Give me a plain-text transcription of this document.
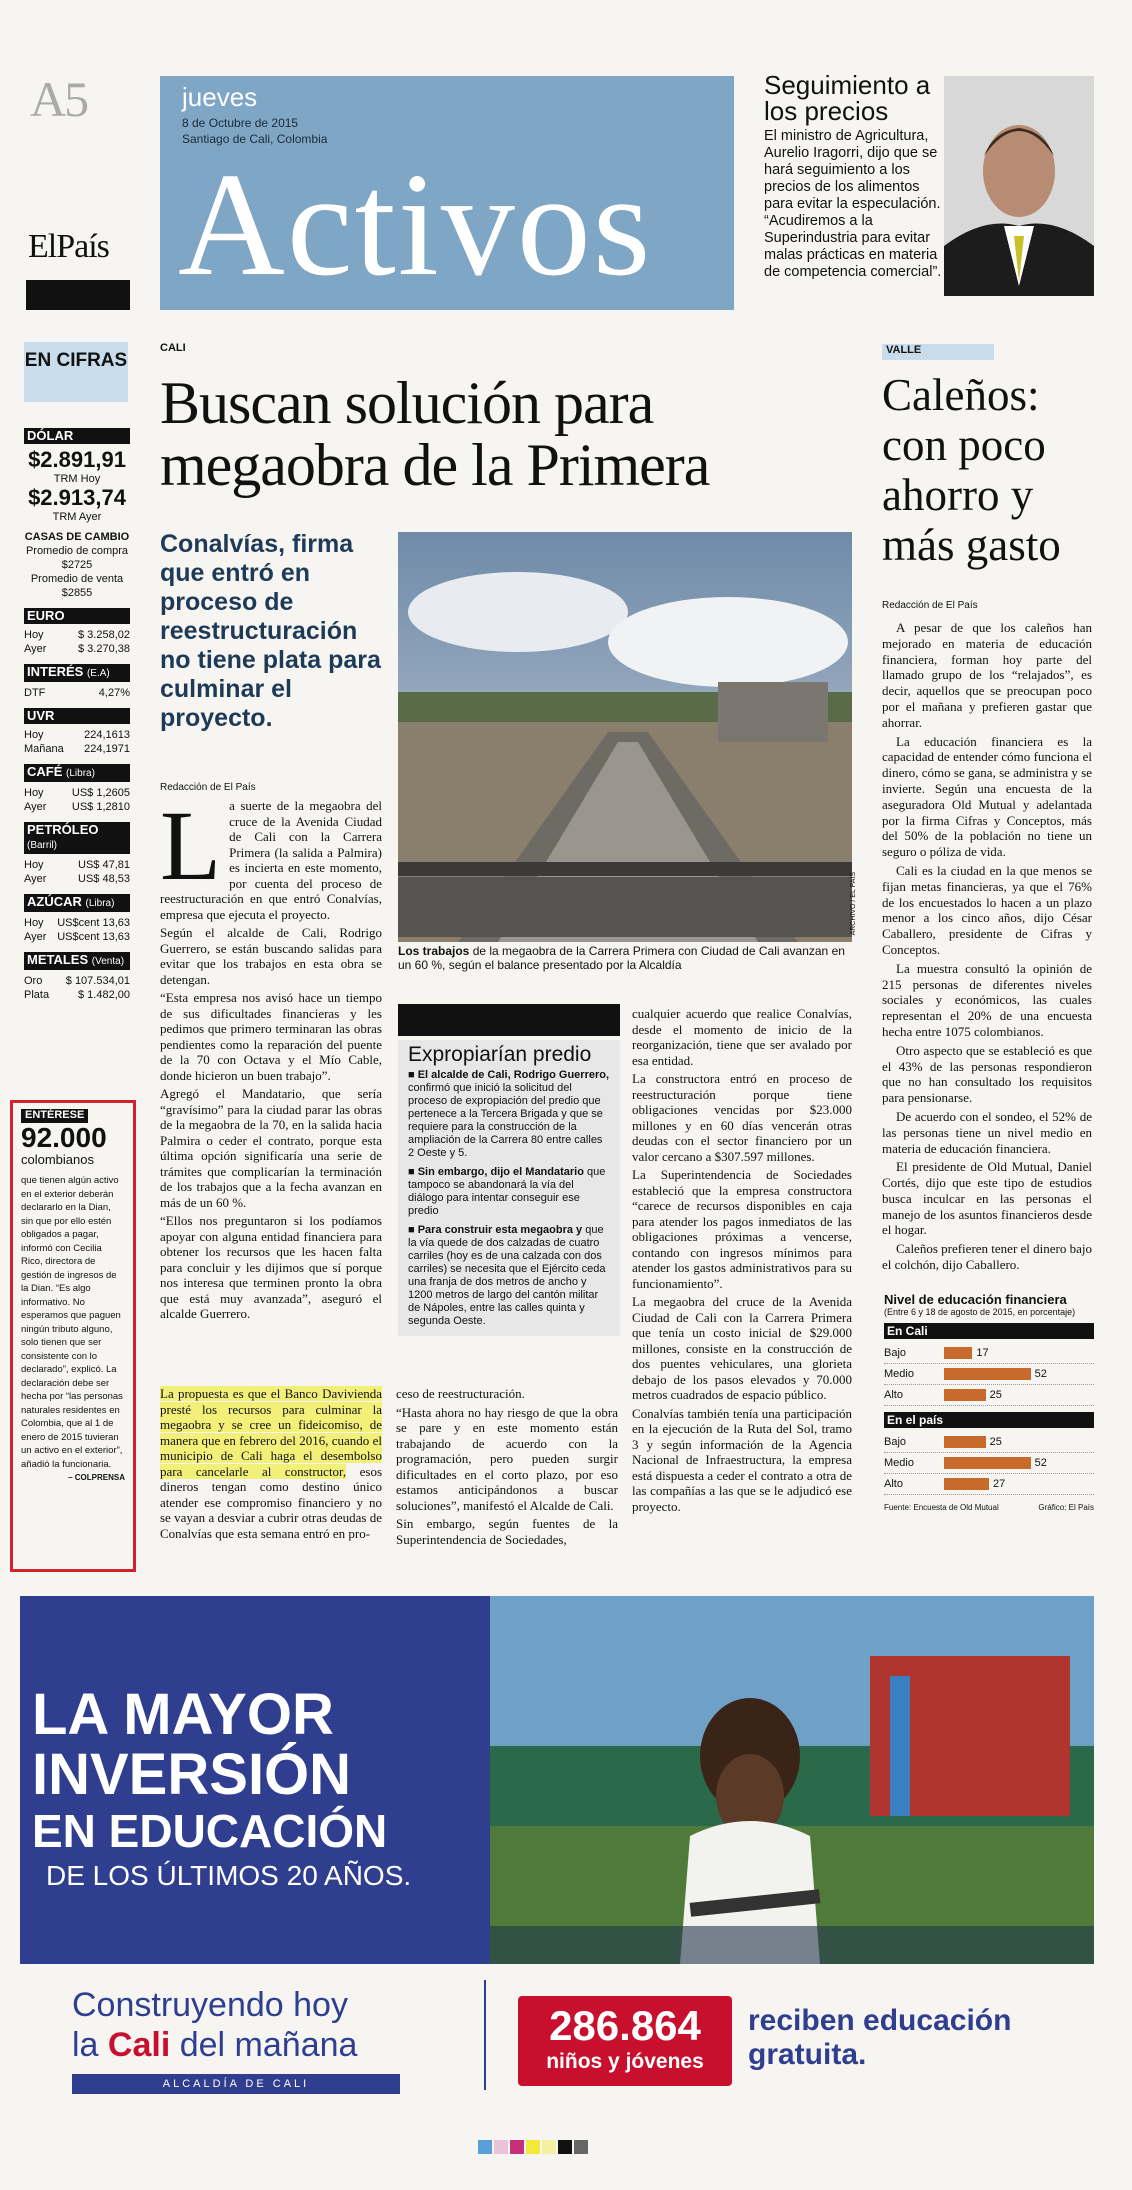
A5
ElPaís
jueves
8 de Octubre de 2015
Santiago de Cali, Colombia
Activos
Seguimiento a los precios
El ministro de Agricultura, Aurelio Iragorri, dijo que se hará seguimiento a los precios de los alimentos para evitar la especulación. “Acudiremos a la Superindustria para evitar malas prácticas en materia de competencia comercial”.
EN CIFRAS
DÓLAR
$2.891,91
TRM Hoy
$2.913,74
TRM Ayer
CASAS DE CAMBIO
Promedio de compra
$2725
Promedio de venta
$2855
EURO
Hoy	$ 3.258,02
Ayer	$ 3.270,38
INTERÉS (E.A)
DTF	4,27%
UVR
Hoy	224,1613
Mañana 224,1971
CAFÉ (Libra)
Hoy	US$ 1,2605
Ayer US$ 1,2810
PETRÓLEO (Barril)
Hoy	US$ 47,81
Ayer	US$ 48,53
AZÚCAR (Libra)
Hoy US$cent 13,63
Ayer US$cent 13,63
METALES (Venta)
Oro $ 107.534,01
Plata	$ 1.482,00
ENTÉRESE
92.000
colombianos
que tienen algún activo en el exterior deberán declararlo en la Dian, sin que por ello estén obligados a pagar, informó con Cecilia Rico, directora de gestión de ingresos de la Dian. “Es algo informativo. No esperamos que paguen ningún tributo alguno, solo tienen que ser consistente con lo declarado”, explicó. La declaración debe ser hecha por “las personas naturales residentes en Colombia, que al 1 de enero de 2015 tuvieran un activo en el exterior”, añadió la funcionaria.
– COLPRENSA
CALI
Buscan solución para megaobra de la Primera
Conalvías, firma que entró en proceso de reestructuración no tiene plata para culminar el proyecto.
Redacción de El País
L a suerte de la megaobra del cruce de la Avenida Ciudad de Cali con la Carrera Primera (la salida a Palmira) es incierta en este momento, por cuenta del proceso de reestructuración en que entró Conalvías, empresa que ejecuta el proyecto.

Según el alcalde de Cali, Rodrigo Guerrero, se están buscando salidas para evitar que los trabajos en esta obra se detengan.

“Esta empresa nos avisó hace un tiempo de sus dificultades financieras y les pedimos que primero terminaran las obras pendientes como la reparación del puente de la 70 con Octava y el Mío Cable, donde hicieron un buen trabajo”.

Agregó el Mandatario, que sería “gravísimo” para la ciudad parar las obras de la megaobra de la 70, en la salida hacia Palmira o ceder el contrato, porque esta última opción significaría una serie de trámites que complicarían la terminación de los trabajos que a la fecha avanzan en más de un 60 %.

“Ellos nos preguntaron si los podíamos apoyar con alguna entidad financiera para obtener los recursos que les hacen falta para concluir y les dijimos que sí porque nos interesa que terminen pronto la obra que está muy avanzada”, aseguró el alcalde Guerrero.

ARCHIVO / EL PAÍS
Los trabajos de la megaobra de la Carrera Primera con Ciudad de Cali avanzan en un 60 %, según el balance presentado por la Alcaldía
Expropiarían predio
■ El alcalde de Cali, Rodrigo Guerrero, confirmó que inició la solicitud del proceso de expropiación del predio que pertenece a la Tercera Brigada y que se requiere para la construcción de la ampliación de la Carrera 80 entre calles 2 Oeste y 5.
■ Sin embargo, dijo el Mandatario que tampoco se abandonará la vía del diálogo para intentar conseguir ese predio
■ Para construir esta megaobra y que la vía quede de dos calzadas de cuatro carriles (hoy es de una calzada con dos carriles) se necesita que el Ejército ceda una franja de dos metros de ancho y 1200 metros de largo del cantón militar de Nápoles, entre las calles quinta y segunda Oeste.

cualquier acuerdo que realice Conalvías, desde el momento de inicio de la reorganización, tiene que ser avalado por esa entidad.

La constructora entró en proceso de reestructuración porque tiene obligaciones vencidas por $23.000 millones y en 60 días vencerán otras deudas con el sector financiero por un valor cercano a $307.597 millones.

La Superintendencia de Sociedades estableció que la empresa constructora “carece de recursos disponibles en caja para atender los pagos inmediatos de las obligaciones próximas a vencerse, contando con ingresos mínimos para atender los gastos administrativos para su funcionamiento”.

La megaobra del cruce de la Avenida Ciudad de Cali con la Carrera Primera que tenía un costo inicial de $29.000 millones, consiste en la construcción de dos puentes vehiculares, una glorieta debajo de los pasos elevados y 70.000 metros cuadrados de espacio público.

Conalvías también tenía una participación en la ejecución de la Ruta del Sol, tramo 3 y según información de la Agencia Nacional de Infraestructura, la empresa está dispuesta a ceder el contrato a otra de las compañías a las que se le adjudicó ese proyecto.

La propuesta es que el Banco Davivienda presté los recursos para culminar la megaobra y se cree un fideicomiso, de manera que en febrero del 2016, cuando el municipio de Cali haga el desembolso para cancelarle al constructor, esos dineros tengan como destino único atender ese compromiso financiero y no se vayan a desviar a cubrir otras deudas de Conalvías que esta semana entró en pro-

ceso de reestructuración.

“Hasta ahora no hay riesgo de que la obra se pare y en este momento están trabajando de acuerdo con la programación, pero pueden surgir dificultades en el corto plazo, por eso estamos anticipándonos a buscar soluciones”, manifestó el Alcalde de Cali.

Sin embargo, según fuentes de la Superintendencia de Sociedades,

VALLE
Caleños: con poco ahorro y más gasto
Redacción de El País

A pesar de que los caleños han mejorado en materia de educación financiera, forman hoy parte del llamado grupo de los “relajados”, es decir, aquellos que se preocupan poco por el mañana y prefieren gastar que ahorrar.

La educación financiera es la capacidad de entender cómo funciona el dinero, cómo se gana, se administra y se invierte. Según una encuesta de la aseguradora Old Mutual y adelantada por la firma Cifras y Conceptos, más del 50% de la población no tiene un seguro o póliza de vida.

Cali es la ciudad en la que menos se fijan metas financieras, ya que el 76% de los encuestados lo hacen a un plazo menor a los cinco años, dijo César Caballero, presidente de Cifras y Conceptos.

La muestra consultó la opinión de 215 personas de diferentes niveles sociales y económicos, las cuales representan el 20% de una encuesta hecha entre 1075 colombianos.

Otro aspecto que se estableció es que el 43% de las personas respondieron que no han consultado los requisitos para pensionarse.

De acuerdo con el sondeo, el 52% de las personas tiene un nivel medio en materia de educación financiera.

El presidente de Old Mutual, Daniel Cortés, dijo que este tipo de estudios busca inculcar en las personas el manejo de los asuntos financieros desde el hogar.

Caleños prefieren tener el dinero bajo el colchón, dijo Caballero.

Nivel de educación financiera
(Entre 6 y 18 de agosto de 2015, en porcentaje)
En Cali
Bajo	17
Medio	52
Alto	25
En el país
Bajo	25
Medio	52
Alto	27
Fuente: Encuesta de Old Mutual	Gráfico: El País
LA MAYOR
INVERSIÓN
EN EDUCACIÓN
DE LOS ÚLTIMOS 20 AÑOS.
Construyendo hoy
la Cali del mañana
ALCALDÍA DE CALI
286.864
niños y jóvenes
reciben educación gratuita.
